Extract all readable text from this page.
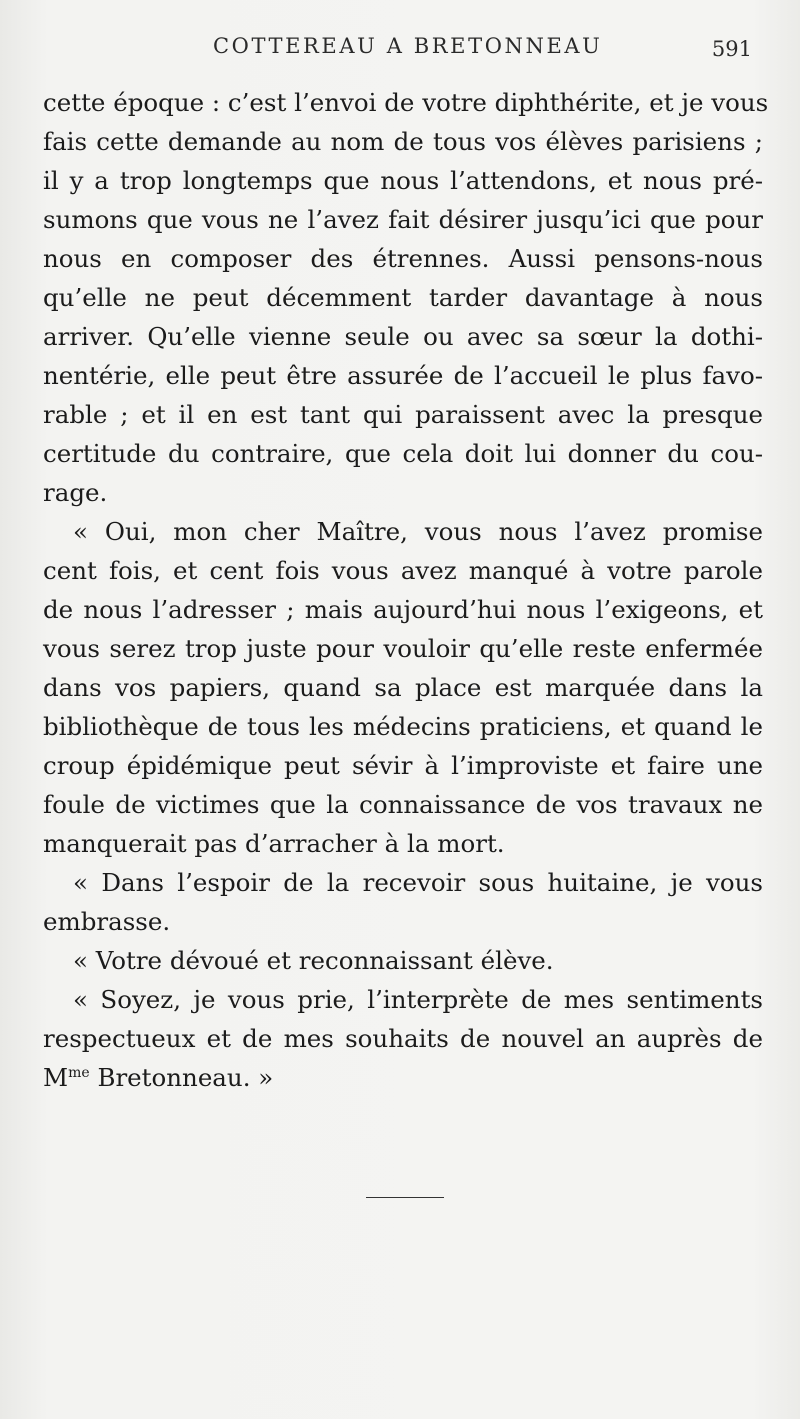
COTTEREAU A BRETONNEAU	591
cette époque : c’est l’envoi de votre diphthérite, et je vous
fais cette demande au nom de tous vos élèves parisiens ;
il y a trop longtemps que nous l’attendons, et nous pré-
sumons que vous ne l’avez fait désirer jusqu’ici que pour
nous en composer des étrennes. Aussi pensons-nous
qu’elle ne peut décemment tarder davantage à nous
arriver. Qu’elle vienne seule ou avec sa sœur la dothi-
nentérie, elle peut être assurée de l’accueil le plus favo-
rable ; et il en est tant qui paraissent avec la presque
certitude du contraire, que cela doit lui donner du cou-
rage.
« Oui, mon cher Maître, vous nous l’avez promise
cent fois, et cent fois vous avez manqué à votre parole
de nous l’adresser ; mais aujourd’hui nous l’exigeons, et
vous serez trop juste pour vouloir qu’elle reste enfermée
dans vos papiers, quand sa place est marquée dans la
bibliothèque de tous les médecins praticiens, et quand le
croup épidémique peut sévir à l’improviste et faire une
foule de victimes que la connaissance de vos travaux ne
manquerait pas d’arracher à la mort.
« Dans l’espoir de la recevoir sous huitaine, je vous
embrasse.
« Votre dévoué et reconnaissant élève.
« Soyez, je vous prie, l’interprète de mes sentiments
respectueux et de mes souhaits de nouvel an auprès de
$M^{me}$ Bretonneau. »
